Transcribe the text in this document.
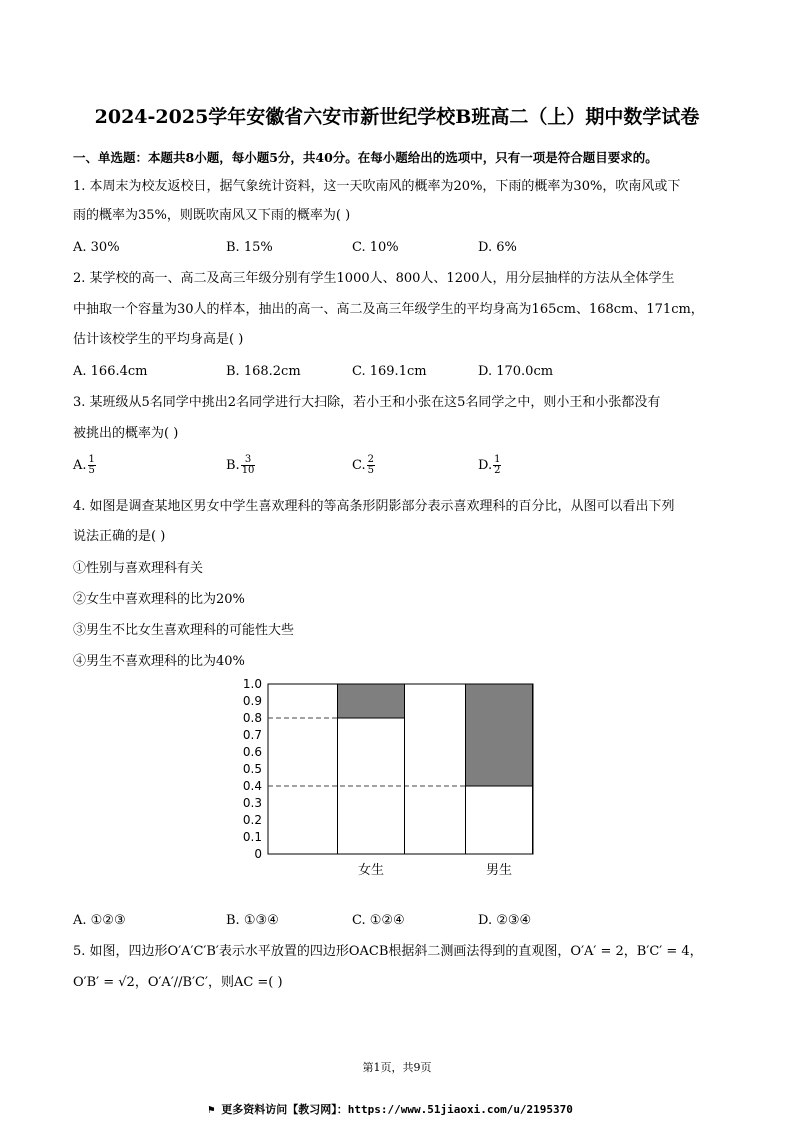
2024-2025学年安徽省六安市新世纪学校B班高二（上）期中数学试卷
一、单选题：本题共8小题，每小题5分，共40分。在每小题给出的选项中，只有一项是符合题目要求的。
1. 本周末为校友返校日，据气象统计资料，这一天吹南风的概率为20%，下雨的概率为30%，吹南风或下
雨的概率为35%，则既吹南风又下雨的概率为( )
A. 30%	B. 15%	C. 10%	D. 6%
2. 某学校的高一、高二及高三年级分别有学生1000人、800人、1200人，用分层抽样的方法从全体学生
中抽取一个容量为30人的样本，抽出的高一、高二及高三年级学生的平均身高为165cm、168cm、171cm，
估计该校学生的平均身高是( )
A. 166.4cm	B. 168.2cm	C. 169.1cm	D. 170.0cm
3. 某班级从5名同学中挑出2名同学进行大扫除，若小王和小张在这5名同学之中，则小王和小张都没有
被挑出的概率为( )
A. $\frac{1}{5}$	B. $\frac{3}{10}$	C. $\frac{2}{5}$	D. $\frac{1}{2}$
4. 如图是调查某地区男女中学生喜欢理科的等高条形阴影部分表示喜欢理科的百分比，从图可以看出下列
说法正确的是( )
①性别与喜欢理科有关
②女生中喜欢理科的比为20%
③男生不比女生喜欢理科的可能性大些
④男生不喜欢理科的比为40%
0
0.1
0.2
0.3
0.4
0.5
0.6
0.7
0.8
0.9
1.0
女生	男生
A. ①②③	B. ①③④	C. ①②④	D. ②③④
5. 如图，四边形O′A′C′B′表示水平放置的四边形OACB根据斜二测画法得到的直观图，O′A′ = 2，B′C′ = 4，
O′B′ = √2，O′A′//B′C′，则AC =( )
第1页，共9页
⚑ 更多资料访问【教习网】：https://www.51jiaoxi.com/u/2195370
